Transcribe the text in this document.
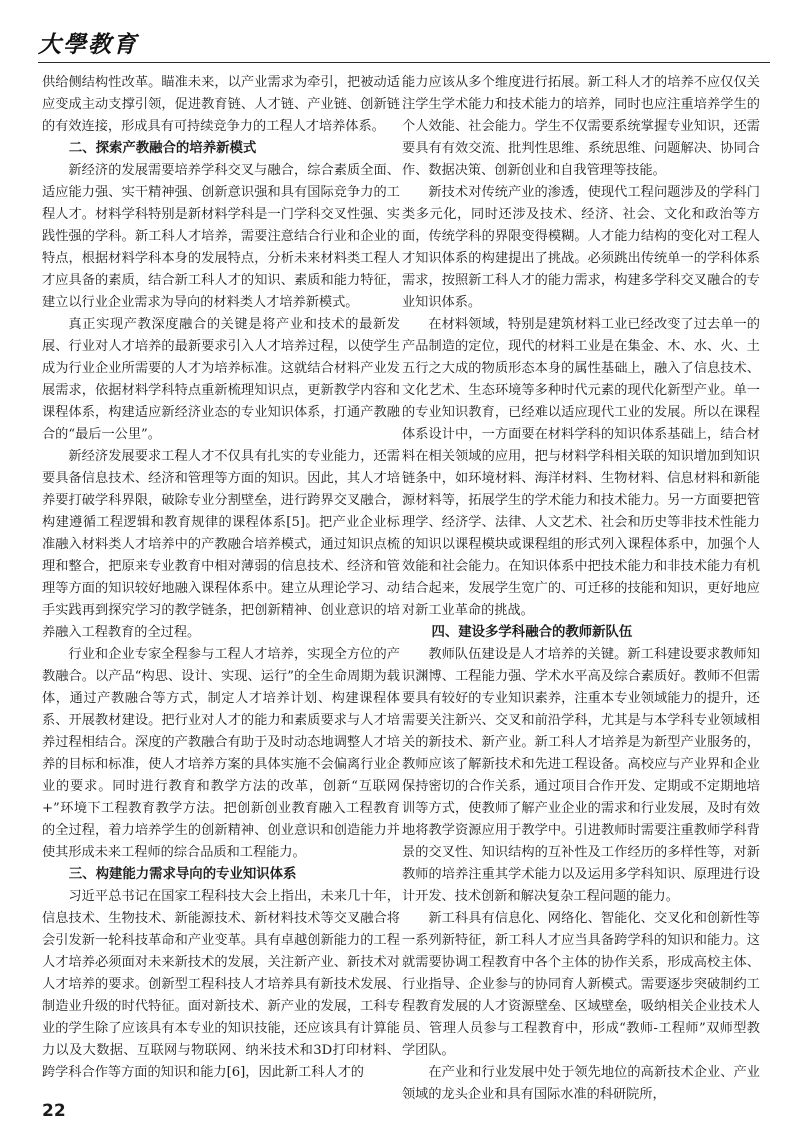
大學教育

供给侧结构性改革。瞄准未来，以产业需求为牵引，把被动适应变成主动支撑引领，促进教育链、人才链、产业链、创新链的有效连接，形成具有可持续竞争力的工程人才培养体系。

二、探索产教融合的培养新模式

新经济的发展需要培养学科交叉与融合，综合素质全面、适应能力强、实干精神强、创新意识强和具有国际竞争力的工程人才。材料学科特别是新材料学科是一门学科交叉性强、实践性强的学科。新工科人才培养，需要注意结合行业和企业的特点，根据材料学科本身的发展特点，分析未来材料类工程人才应具备的素质，结合新工科人才的知识、素质和能力特征，建立以行业企业需求为导向的材料类人才培养新模式。

真正实现产教深度融合的关键是将产业和技术的最新发展、行业对人才培养的最新要求引入人才培养过程，以使学生成为行业企业所需要的人才为培养标准。这就结合材料产业发展需求，依据材料学科特点重新梳理知识点，更新教学内容和课程体系，构建适应新经济业态的专业知识体系，打通产教融合的“最后一公里”。

新经济发展要求工程人才不仅具有扎实的专业能力，还需要具备信息技术、经济和管理等方面的知识。因此，其人才培养要打破学科界限，破除专业分割壁垒，进行跨界交叉融合，构建遵循工程逻辑和教育规律的课程体系[5]。把产业企业标准融入材料类人才培养中的产教融合培养模式，通过知识点梳理和整合，把原来专业教育中相对薄弱的信息技术、经济和管理等方面的知识较好地融入课程体系中。建立从理论学习、动手实践再到探究学习的教学链条，把创新精神、创业意识的培养融入工程教育的全过程。

行业和企业专家全程参与工程人才培养，实现全方位的产教融合。以产品“构思、设计、实现、运行”的全生命周期为载体，通过产教融合等方式，制定人才培养计划、构建课程体系、开展教材建设。把行业对人才的能力和素质要求与人才培养过程相结合。深度的产教融合有助于及时动态地调整人才培养的目标和标准，使人才培养方案的具体实施不会偏离行业企业的要求。同时进行教育和教学方法的改革，创新“互联网+”环境下工程教育教学方法。把创新创业教育融入工程教育的全过程，着力培养学生的创新精神、创业意识和创造能力并使其形成未来工程师的综合品质和工程能力。

三、构建能力需求导向的专业知识体系

习近平总书记在国家工程科技大会上指出，未来几十年，信息技术、生物技术、新能源技术、新材料技术等交叉融合将会引发新一轮科技革命和产业变革。具有卓越创新能力的工程人才培养必须面对未来新技术的发展，关注新产业、新技术对人才培养的要求。创新型工程科技人才培养具有新技术发展、制造业升级的时代特征。面对新技术、新产业的发展，工科专业的学生除了应该具有本专业的知识技能，还应该具有计算能力以及大数据、互联网与物联网、纳米技术和3D打印材料、跨学科合作等方面的知识和能力[6]，因此新工科人才的

能力应该从多个维度进行拓展。新工科人才的培养不应仅仅关注学生学术能力和技术能力的培养，同时也应注重培养学生的个人效能、社会能力。学生不仅需要系统掌握专业知识，还需要具有有效交流、批判性思维、系统思维、问题解决、协同合作、数据决策、创新创业和自我管理等技能。

新技术对传统产业的渗透，使现代工程问题涉及的学科门类多元化，同时还涉及技术、经济、社会、文化和政治等方面，传统学科的界限变得模糊。人才能力结构的变化对工程人才知识体系的构建提出了挑战。必须跳出传统单一的学科体系需求，按照新工科人才的能力需求，构建多学科交叉融合的专业知识体系。

在材料领域，特别是建筑材料工业已经改变了过去单一的产品制造的定位，现代的材料工业是在集金、木、水、火、土五行之大成的物质形态本身的属性基础上，融入了信息技术、文化艺术、生态环境等多种时代元素的现代化新型产业。单一的专业知识教育，已经难以适应现代工业的发展。所以在课程体系设计中，一方面要在材料学科的知识体系基础上，结合材料在相关领域的应用，把与材料学科相关联的知识增加到知识链条中，如环境材料、海洋材料、生物材料、信息材料和新能源材料等，拓展学生的学术能力和技术能力。另一方面要把管理学、经济学、法律、人文艺术、社会和历史等非技术性能力的知识以课程模块或课程组的形式列入课程体系中，加强个人效能和社会能力。在知识体系中把技术能力和非技术能力有机结合起来，发展学生宽广的、可迁移的技能和知识，更好地应对新工业革命的挑战。

四、建设多学科融合的教师新队伍

教师队伍建设是人才培养的关键。新工科建设要求教师知识渊博、工程能力强、学术水平高及综合素质好。教师不但需要具有较好的专业知识素养，注重本专业领域能力的提升，还需要关注新兴、交叉和前沿学科，尤其是与本学科专业领域相关的新技术、新产业。新工科人才培养是为新型产业服务的，教师应该了解新技术和先进工程设备。高校应与产业界和企业保持密切的合作关系，通过项目合作开发、定期或不定期地培训等方式，使教师了解产业企业的需求和行业发展，及时有效地将教学资源应用于教学中。引进教师时需要注重教师学科背景的交叉性、知识结构的互补性及工作经历的多样性等，对新教师的培养注重其学术能力以及运用多学科知识、原理进行设计开发、技术创新和解决复杂工程问题的能力。

新工科具有信息化、网络化、智能化、交叉化和创新性等一系列新特征，新工科人才应当具备跨学科的知识和能力。这就需要协调工程教育中各个主体的协作关系，形成高校主体、行业指导、企业参与的协同育人新模式。需要逐步突破制约工程教育发展的人才资源壁垒、区域壁垒，吸纳相关企业技术人员、管理人员参与工程教育中，形成“教师-工程师”双师型教学团队。

在产业和行业发展中处于领先地位的高新技术企业、产业领域的龙头企业和具有国际水准的科研院所，

22
